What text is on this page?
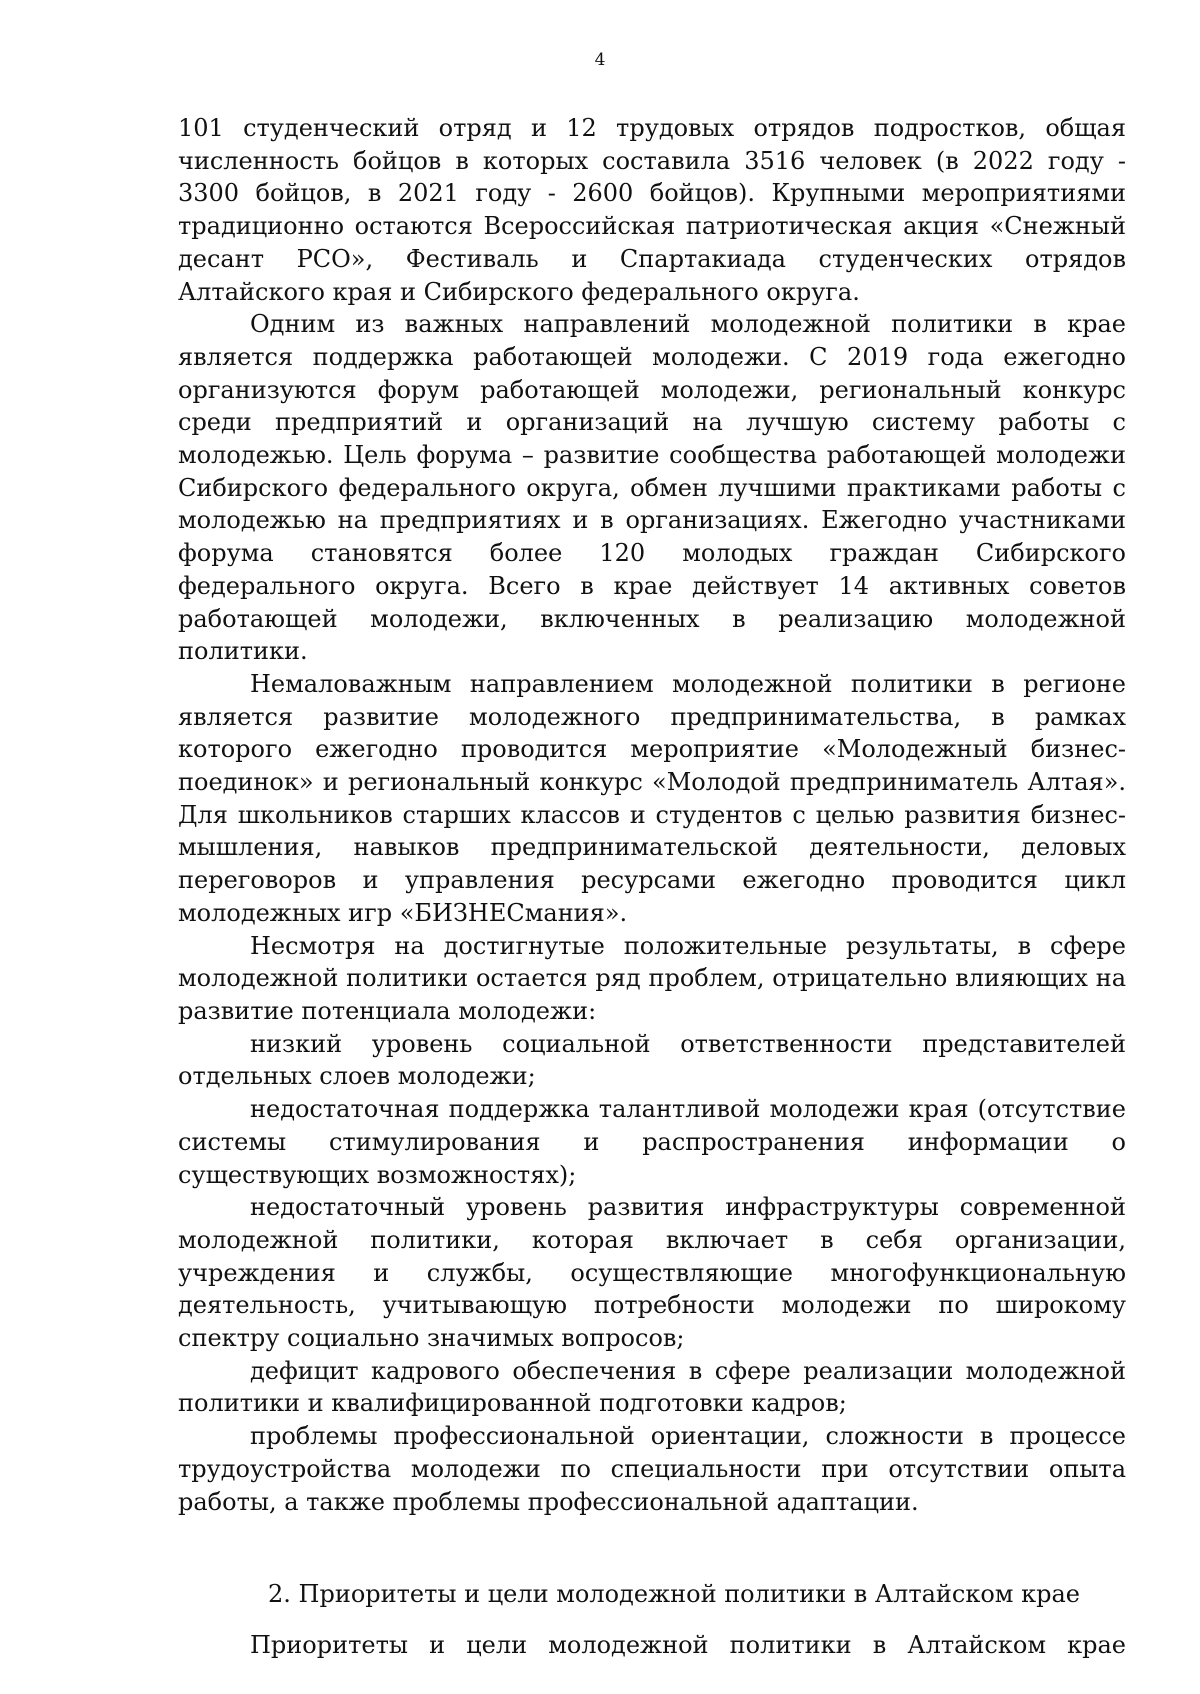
4

101 студенческий отряд и 12 трудовых отрядов подростков, общая численность бойцов в которых составила 3516 человек (в 2022 году - 3300 бойцов, в 2021 году - 2600 бойцов). Крупными мероприятиями традиционно остаются Всероссийская патриотическая акция «Снежный десант РСО», Фестиваль и Спартакиада студенческих отрядов Алтайского края и Сибирского федерального округа.

Одним из важных направлений молодежной политики в крае является поддержка работающей молодежи. С 2019 года ежегодно организуются форум работающей молодежи, региональный конкурс среди предприятий и организаций на лучшую систему работы с молодежью. Цель форума – развитие сообщества работающей молодежи Сибирского федерального округа, обмен лучшими практиками работы с молодежью на предприятиях и в организациях. Ежегодно участниками форума становятся более 120 молодых граждан Сибирского федерального округа. Всего в крае действует 14 активных советов работающей молодежи, включенных в реализацию молодежной политики.

Немаловажным направлением молодежной политики в регионе является развитие молодежного предпринимательства, в рамках которого ежегодно проводится мероприятие «Молодежный бизнес-поединок» и региональный конкурс «Молодой предприниматель Алтая». Для школьников старших классов и студентов с целью развития бизнес-мышления, навыков предпринимательской деятельности, деловых переговоров и управления ресурсами ежегодно проводится цикл молодежных игр «БИЗНЕСмания».

Несмотря на достигнутые положительные результаты, в сфере молодежной политики остается ряд проблем, отрицательно влияющих на развитие потенциала молодежи:

низкий уровень социальной ответственности представителей отдельных слоев молодежи;

недостаточная поддержка талантливой молодежи края (отсутствие системы стимулирования и распространения информации о существующих возможностях);

недостаточный уровень развития инфраструктуры современной молодежной политики, которая включает в себя организации, учреждения и службы, осуществляющие многофункциональную деятельность, учитывающую потребности молодежи по широкому спектру социально значимых вопросов;

дефицит кадрового обеспечения в сфере реализации молодежной политики и квалифицированной подготовки кадров;

проблемы профессиональной ориентации, сложности в процессе трудоустройства молодежи по специальности при отсутствии опыта работы, а также проблемы профессиональной адаптации.

2. Приоритеты и цели молодежной политики в Алтайском крае

Приоритеты и цели молодежной политики в Алтайском крае
